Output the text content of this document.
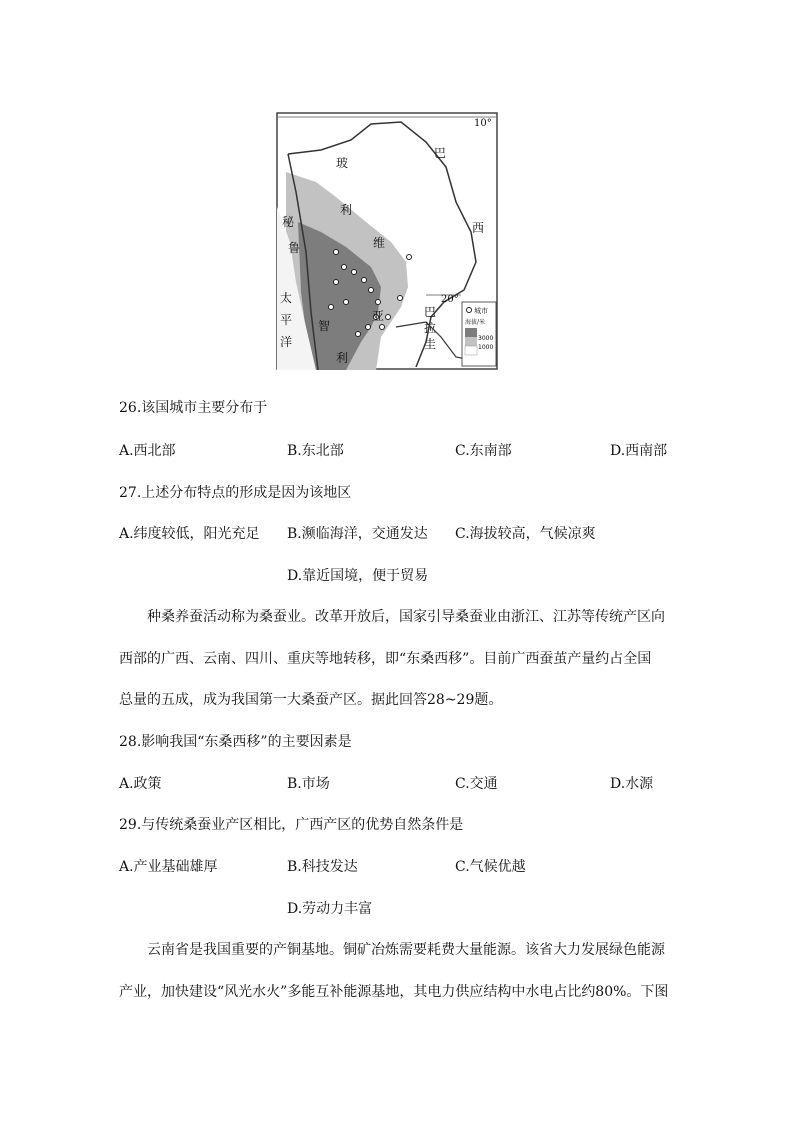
10°
20°
玻
利
维
亚
巴
西
秘
鲁
智
利
巴
拉
圭
太
平
洋
城市
海拔/米
3000
1000
26.该国城市主要分布于
A.西北部	B.东北部	C.东南部	D.西南部
27.上述分布特点的形成是因为该地区
A.纬度较低，阳光充足 B.濒临海洋，交通发达 C.海拔较高，气候凉爽
D.靠近国境，便于贸易
种桑养蚕活动称为桑蚕业。改革开放后，国家引导桑蚕业由浙江、江苏等传统产区向
西部的广西、云南、四川、重庆等地转移，即“东桑西移”。目前广西蚕茧产量约占全国
总量的五成，成为我国第一大桑蚕产区。据此回答28~29题。
28.影响我国“东桑西移”的主要因素是
A.政策	B.市场	C.交通	D.水源
29.与传统桑蚕业产区相比，广西产区的优势自然条件是
A.产业基础雄厚	B.科技发达	C.气候优越
D.劳动力丰富
云南省是我国重要的产铜基地。铜矿冶炼需要耗费大量能源。该省大力发展绿色能源
产业，加快建设“风光水火”多能互补能源基地，其电力供应结构中水电占比约80%。下图
